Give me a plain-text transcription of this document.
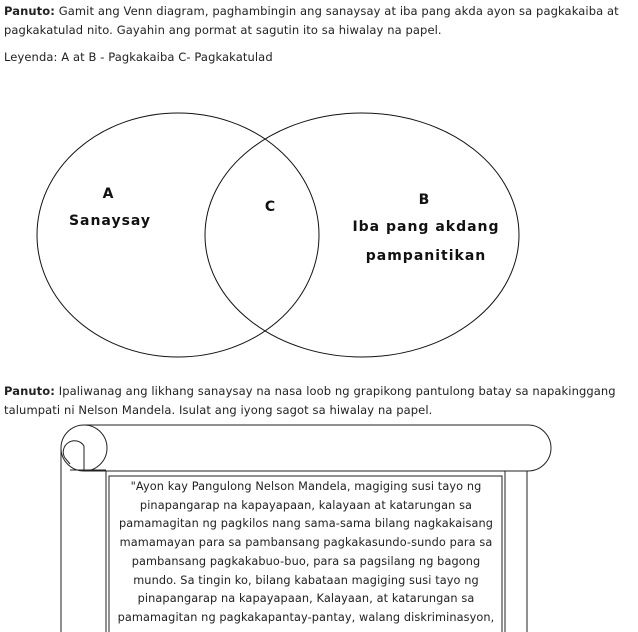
Panuto: Gamit ang Venn diagram, paghambingin ang sanaysay at iba pang akda ayon sa pagkakaiba at pagkakatulad nito. Gayahin ang pormat at sagutin ito sa hiwalay na papel.

Leyenda: A at B - Pagkakaiba C- Pagkakatulad

A
Sanaysay
C	B
Iba pang akdang
pampanitikan

Panuto: Ipaliwanag ang likhang sanaysay na nasa loob ng grapikong pantulong batay sa napakinggang talumpati ni Nelson Mandela. Isulat ang iyong sagot sa hiwalay na papel.

"Ayon kay Pangulong Nelson Mandela, magiging susi tayo ng pinapangarap na kapayapaan, kalayaan at katarungan sa pamamagitan ng pagkilos nang sama-sama bilang nagkakaisang mamamayan para sa pambansang pagkakasundo-sundo para sa pambansang pagkakabuo-buo, para sa pagsilang ng bagong mundo. Sa tingin ko, bilang kabataan magiging susi tayo ng pinapangarap na kapayapaan, Kalayaan, at katarungan sa pamamagitan ng pagkakapantay-pantay, walang diskriminasyon,
